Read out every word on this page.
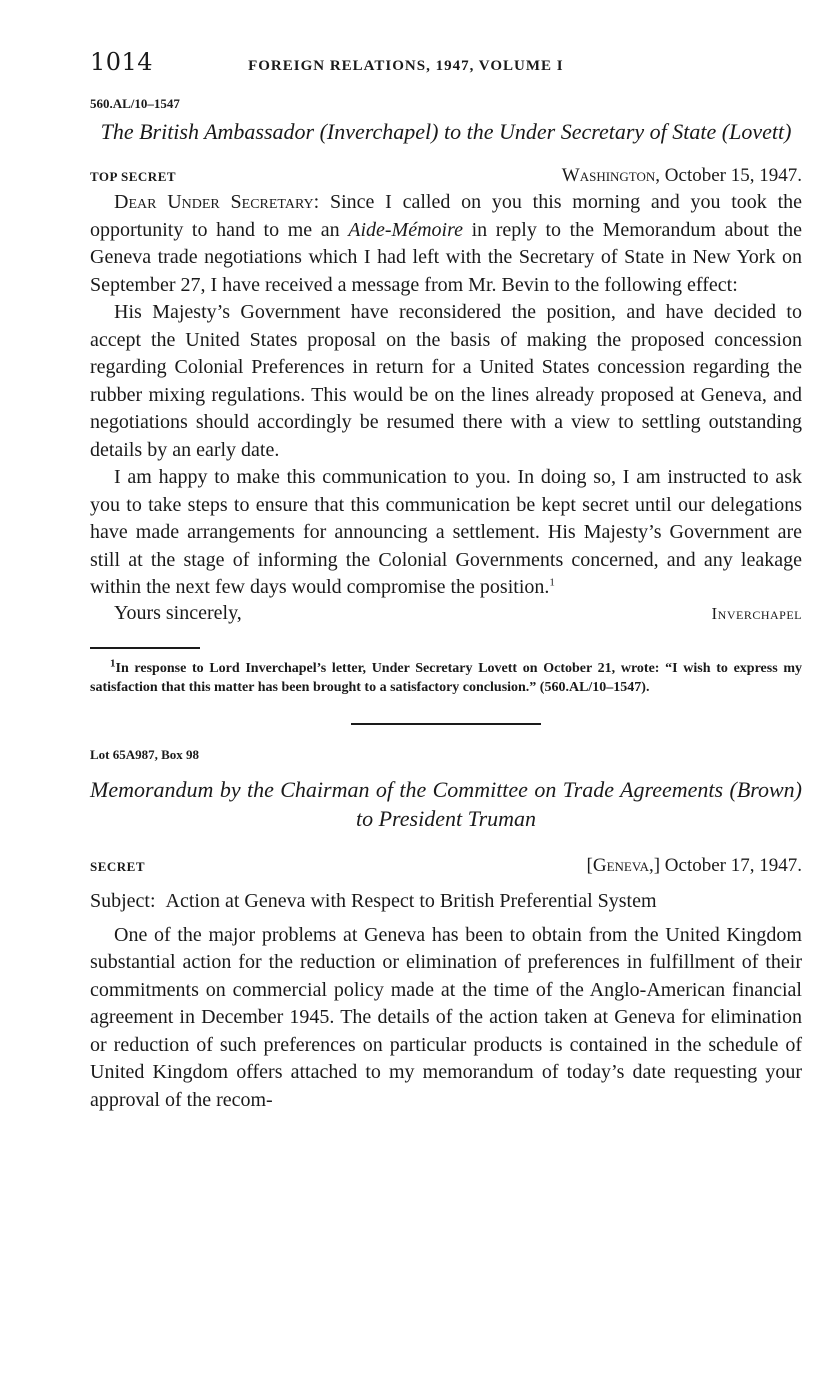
1014	FOREIGN RELATIONS, 1947, VOLUME I
560.AL/10–1547
The British Ambassador (Inverchapel) to the Under Secretary of State (Lovett)
TOP SECRET	Washington, October 15, 1947.

Dear Under Secretary: Since I called on you this morning and you took the opportunity to hand to me an Aide-Mémoire in reply to the Memorandum about the Geneva trade negotiations which I had left with the Secretary of State in New York on September 27, I have received a message from Mr. Bevin to the following effect:

His Majesty’s Government have reconsidered the position, and have decided to accept the United States proposal on the basis of making the proposed concession regarding Colonial Preferences in return for a United States concession regarding the rubber mixing regulations. This would be on the lines already proposed at Geneva, and negotiations should accordingly be resumed there with a view to settling outstanding details by an early date.

I am happy to make this communication to you. In doing so, I am instructed to ask you to take steps to ensure that this communication be kept secret until our delegations have made arrangements for announcing a settlement. His Majesty’s Government are still at the stage of informing the Colonial Governments concerned, and any leakage within the next few days would compromise the position.$^1$

Yours sincerely,	Inverchapel
$^1$In response to Lord Inverchapel’s letter, Under Secretary Lovett on October 21, wrote: “I wish to express my satisfaction that this matter has been brought to a satisfactory conclusion.” (560.AL/10–1547).
Lot 65A987, Box 98
Memorandum by the Chairman of the Committee on Trade Agreements (Brown) to President Truman
SECRET	[Geneva,] October 17, 1947.
Subject: Action at Geneva with Respect to British Preferential System

One of the major problems at Geneva has been to obtain from the United Kingdom substantial action for the reduction or elimination of preferences in fulfillment of their commitments on commercial policy made at the time of the Anglo-American financial agreement in December 1945. The details of the action taken at Geneva for elimination or reduction of such preferences on particular products is contained in the schedule of United Kingdom offers attached to my memorandum of today’s date requesting your approval of the recom-
